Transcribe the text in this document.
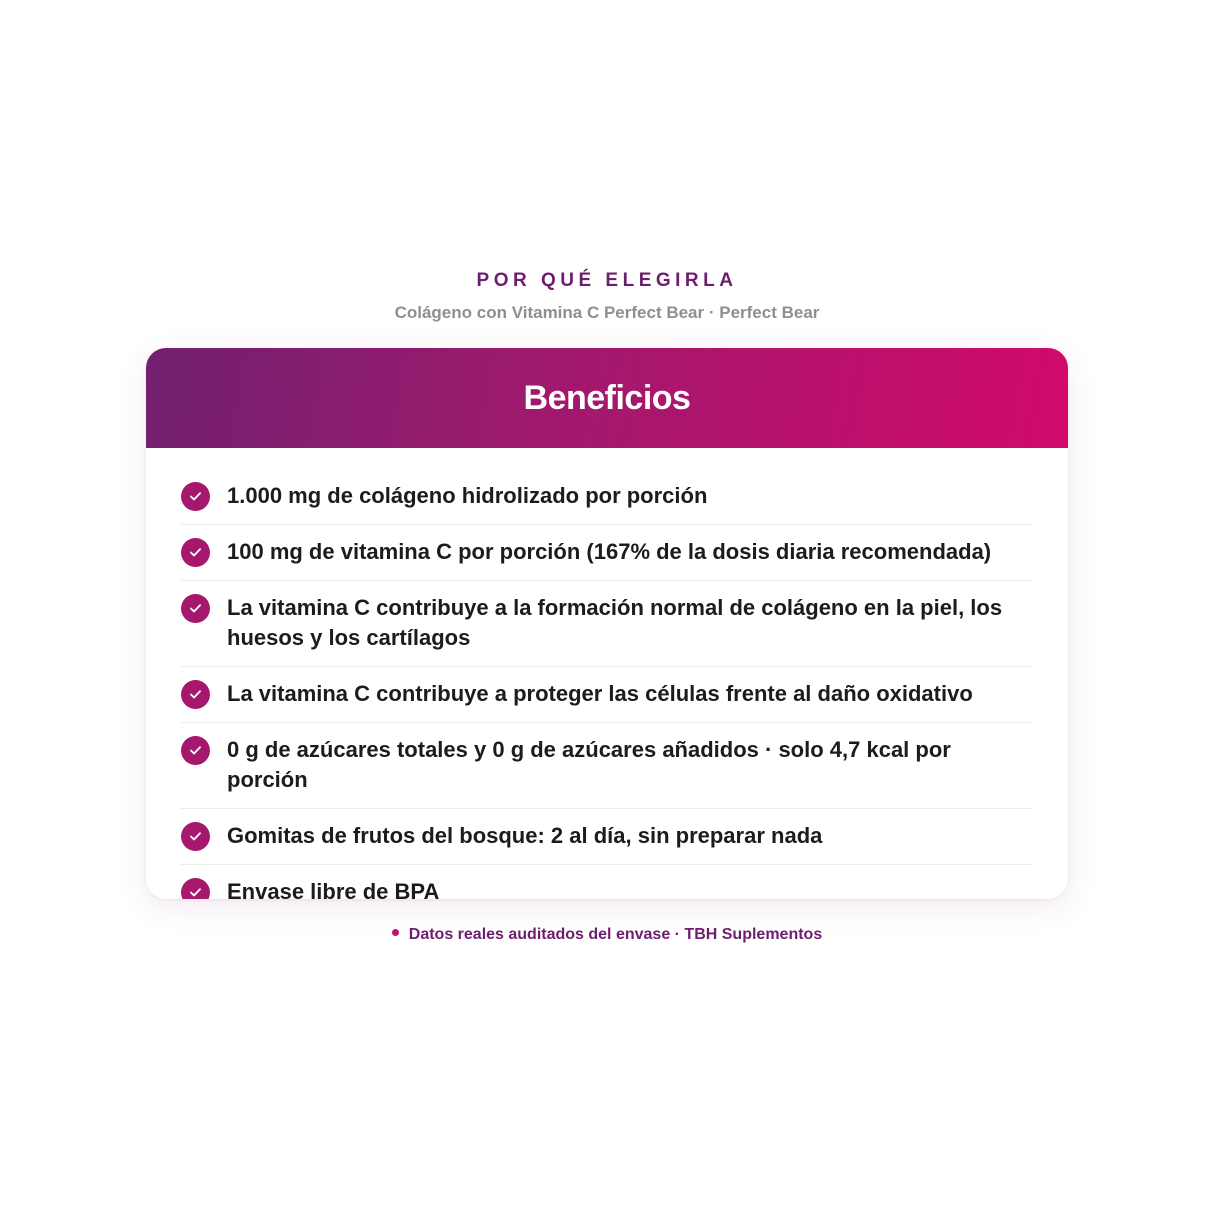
POR QUÉ ELEGIRLA
Colágeno con Vitamina C Perfect Bear · Perfect Bear
Beneficios
1.000 mg de colágeno hidrolizado por porción
100 mg de vitamina C por porción (167% de la dosis diaria recomendada)
La vitamina C contribuye a la formación normal de colágeno en la piel, los huesos y los cartílagos
La vitamina C contribuye a proteger las células frente al daño oxidativo
0 g de azúcares totales y 0 g de azúcares añadidos · solo 4,7 kcal por porción
Gomitas de frutos del bosque: 2 al día, sin preparar nada
Envase libre de BPA
Datos reales auditados del envase · TBH Suplementos
